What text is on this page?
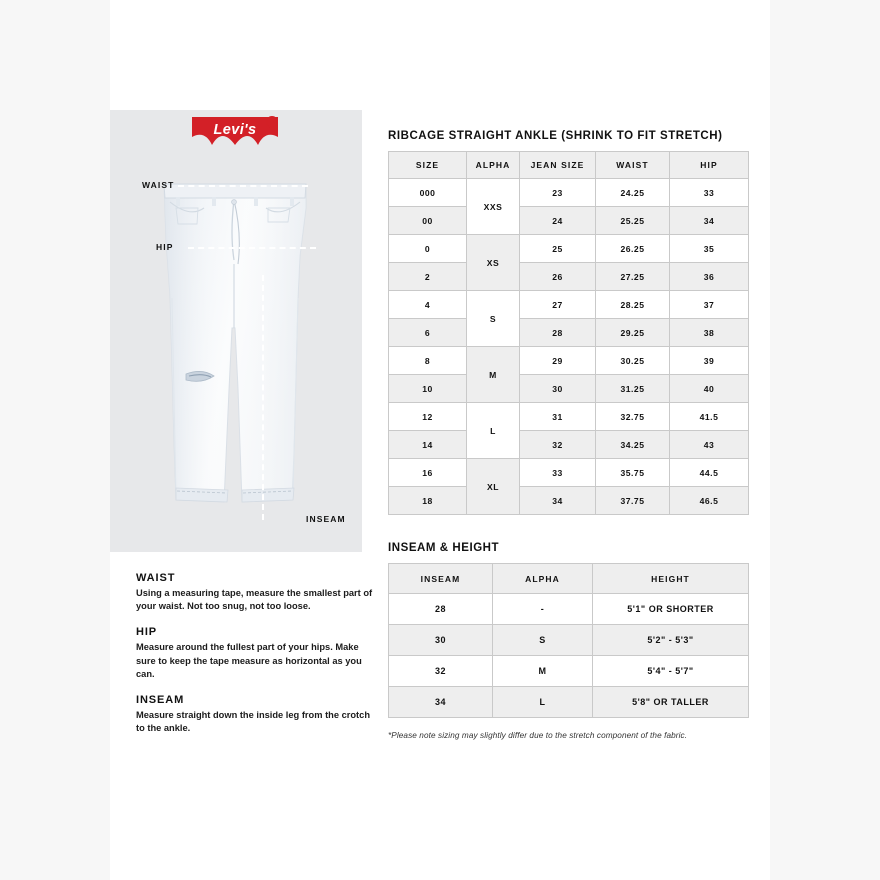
Levi's R
WAIST
HIP
INSEAM
WAIST
Using a measuring tape, measure the smallest part of your waist. Not too snug, not too loose.
HIP
Measure around the fullest part of your hips. Make sure to keep the tape measure as horizontal as you can.
INSEAM
Measure straight down the inside leg from the crotch to the ankle.
RIBCAGE STRAIGHT ANKLE (SHRINK TO FIT STRETCH)
SIZE	ALPHA	JEAN SIZE	WAIST	HIP
000	XXS	23	24.25	33
00		24	25.25	34
0	XS	25	26.25	35
2		26	27.25	36
4	S	27	28.25	37
6		28	29.25	38
8	M	29	30.25	39
10		30	31.25	40
12	L	31	32.75	41.5
14		32	34.25	43
16	XL	33	35.75	44.5
18		34	37.75	46.5
INSEAM & HEIGHT
INSEAM	ALPHA	HEIGHT
28	-	5'1" OR SHORTER
30	S	5'2" - 5'3"
32	M	5'4" - 5'7"
34	L	5'8" OR TALLER
*Please note sizing may slightly differ due to the stretch component of the fabric.
